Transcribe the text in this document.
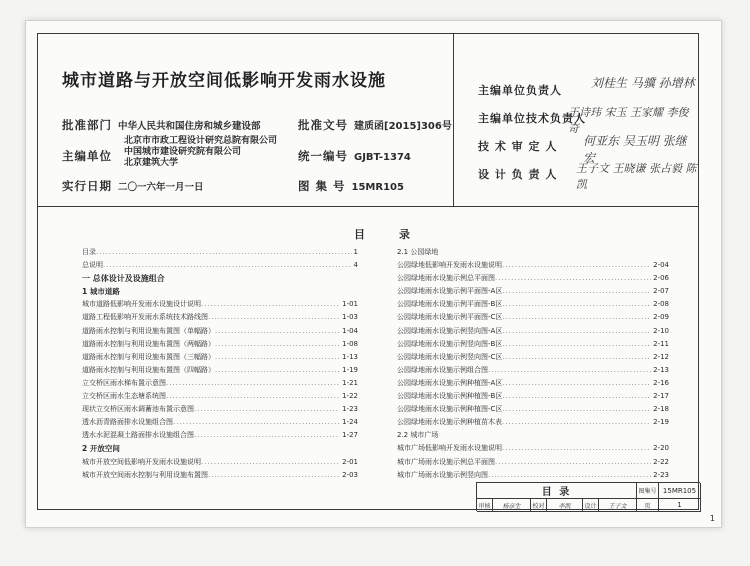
城市道路与开放空间低影响开发雨水设施
批准部门 中华人民共和国住房和城乡建设部	批准文号 建质函[2015]306号
主编单位
北京市市政工程设计研究总院有限公司
中国城市建设研究院有限公司
北京建筑大学	统一编号 GJBT-1374
实行日期 二〇一六年一月一日	图 集 号 15MR105
主编单位负责人
刘桂生 马骥 孙增林
主编单位技术负责人
王诗玮 宋玉 王家耀 李俊奇
技 术 审 定 人 何亚东 吴玉明 张继宏
设 计 负 责 人 王子文 王晓谦 张占毅 陈凯
目	录
目录 .....	1
总说明 .....	4
一 总体设计及设施组合
1 城市道路
城市道路低影响开发雨水设施设计说明 .....	1-01
道路工程低影响开发雨水系统技术路线图 .....	1-03
道路雨水控制与利用设施布置图（单幅路） .....	1-04
道路雨水控制与利用设施布置图（两幅路） .....	1-08
道路雨水控制与利用设施布置图（三幅路） .....	1-13
道路雨水控制与利用设施布置图（四幅路） .....	1-19
立交桥区雨水梯布置示意图 .....	1-21
立交桥区雨水生态塘系统图 .....	1-22
现状立交桥区雨水调蓄池布置示意图 .....	1-23
透水沥青路面排水设施组合图 .....	1-24
透水水泥混凝土路面排水设施组合图 .....	1-27
2 开放空间
城市开放空间低影响开发雨水设施说明 .....	2-01
城市开放空间雨水控制与利用设施布置图 .....	2-03
2.1 公园绿地
公园绿地低影响开发雨水设施说明 .....	2-04
公园绿地雨水设施示例总平面图 .....	2-06
公园绿地雨水设施示例平面图-A区 .....	2-07
公园绿地雨水设施示例平面图-B区 .....	2-08
公园绿地雨水设施示例平面图-C区 .....	2-09
公园绿地雨水设施示例竖向图-A区 .....	2-10
公园绿地雨水设施示例竖向图-B区 .....	2-11
公园绿地雨水设施示例竖向图-C区 .....	2-12
公园绿地雨水设施示例组合图 .....	2-13
公园绿地雨水设施示例种植图-A区 .....	2-16
公园绿地雨水设施示例种植图-B区 .....	2-17
公园绿地雨水设施示例种植图-C区 .....	2-18
公园绿地雨水设施示例种植苗木表 .....	2-19
2.2 城市广场
城市广场低影响开发雨水设施说明 .....	2-20
城市广场雨水设施示例总平面图 .....	2-22
城市广场雨水设施示例竖向图 .....	2-23
目 录	图集号 15MR105
审核	杨彦生	校对	李凯	设计	王子文	页	1
1
